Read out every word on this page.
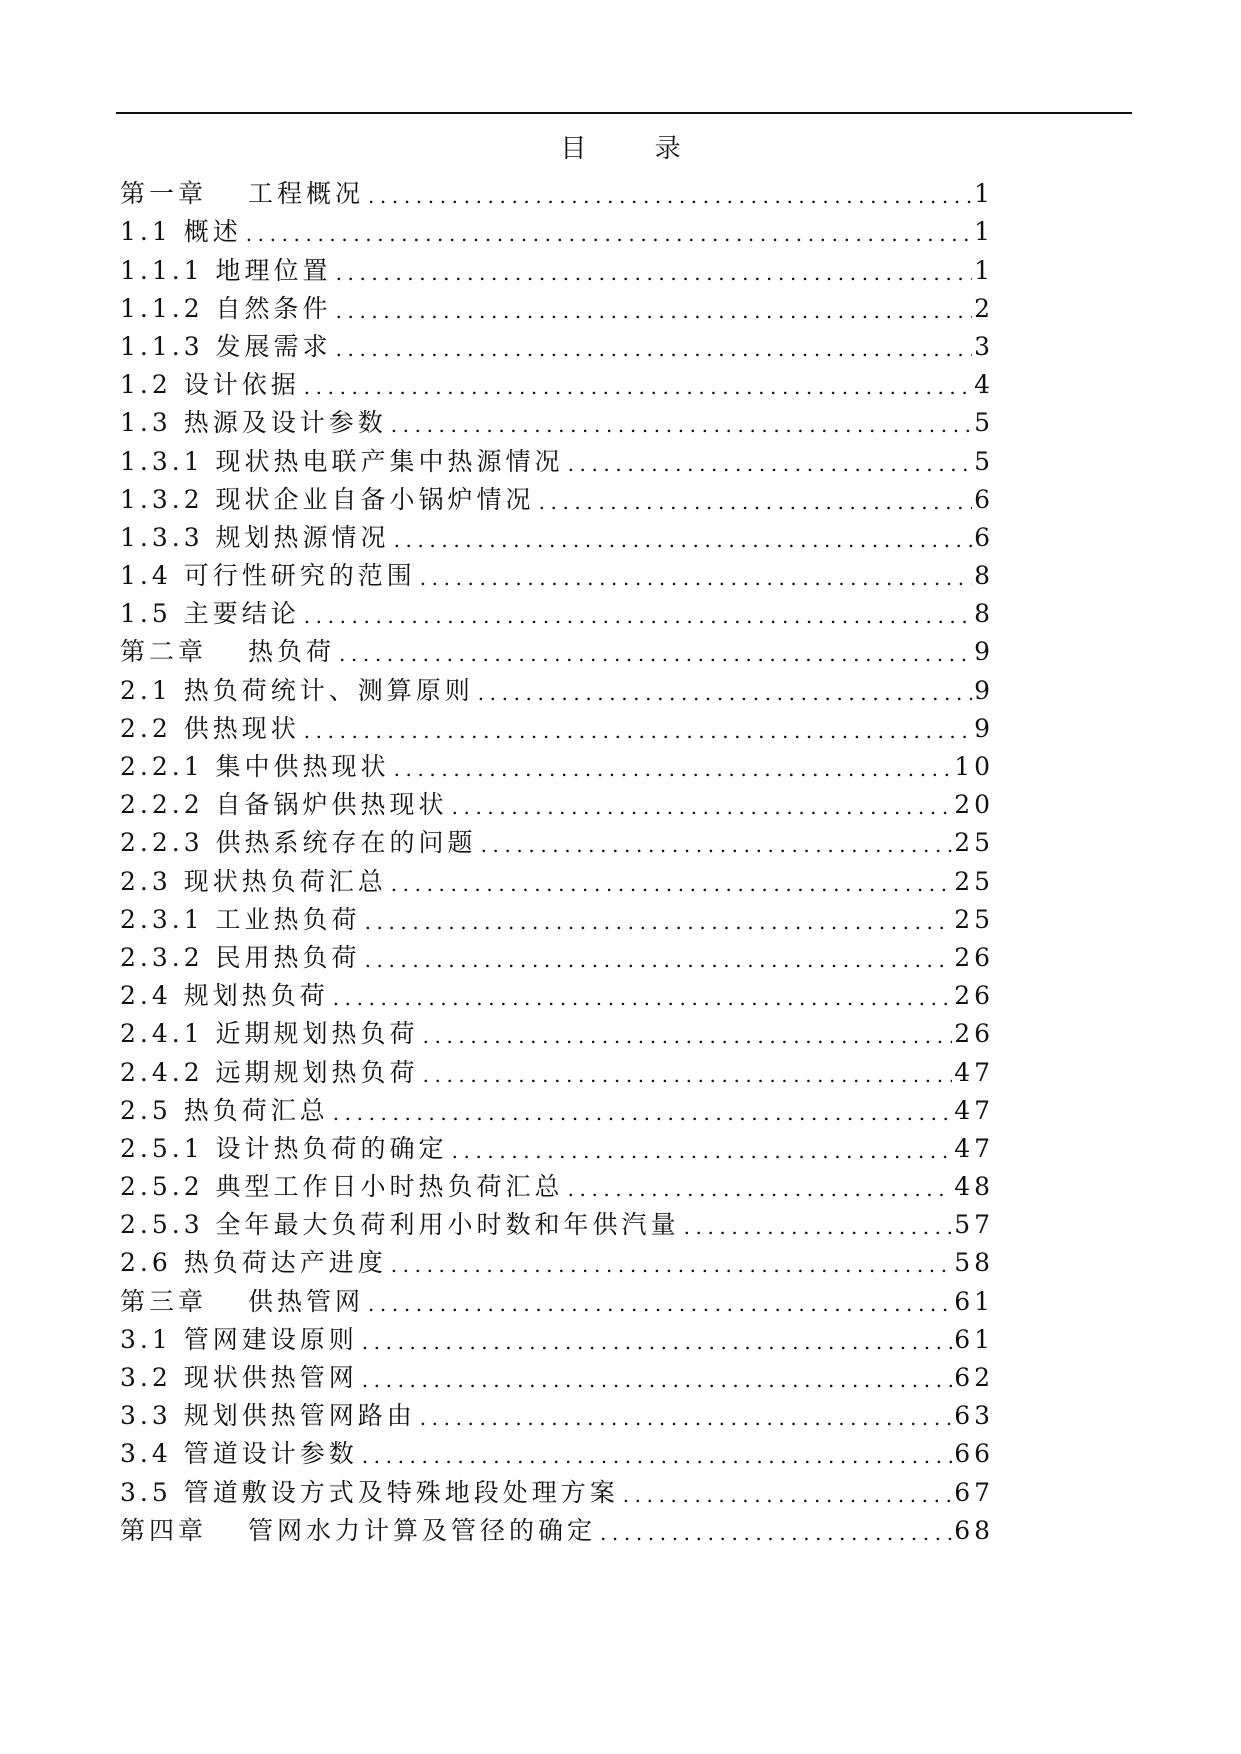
目 录
第一章　 工程概况 .....	1
1.1 概述 .....	1
1.1.1 地理位置 .....	1
1.1.2 自然条件 .....	2
1.1.3 发展需求 .....	3
1.2 设计依据 .....	4
1.3 热源及设计参数 .....	5
1.3.1 现状热电联产集中热源情况 .....	5
1.3.2 现状企业自备小锅炉情况 .....	6
1.3.3 规划热源情况 .....	6
1.4 可行性研究的范围 .....	8
1.5 主要结论 .....	8
第二章　 热负荷 .....	9
2.1 热负荷统计、测算原则 .....	9
2.2 供热现状 .....	9
2.2.1 集中供热现状 .....	10
2.2.2 自备锅炉供热现状 .....	20
2.2.3 供热系统存在的问题 .....	25
2.3 现状热负荷汇总 .....	25
2.3.1 工业热负荷 .....	25
2.3.2 民用热负荷 .....	26
2.4 规划热负荷 .....	26
2.4.1 近期规划热负荷 .....	26
2.4.2 远期规划热负荷 .....	47
2.5 热负荷汇总 .....	47
2.5.1 设计热负荷的确定 .....	47
2.5.2 典型工作日小时热负荷汇总 .....	48
2.5.3 全年最大负荷利用小时数和年供汽量 .....	57
2.6 热负荷达产进度 .....	58
第三章　 供热管网 .....	61
3.1 管网建设原则 .....	61
3.2 现状供热管网 .....	62
3.3 规划供热管网路由 .....	63
3.4 管道设计参数 .....	66
3.5 管道敷设方式及特殊地段处理方案 .....	67
第四章　 管网水力计算及管径的确定 .....	68
